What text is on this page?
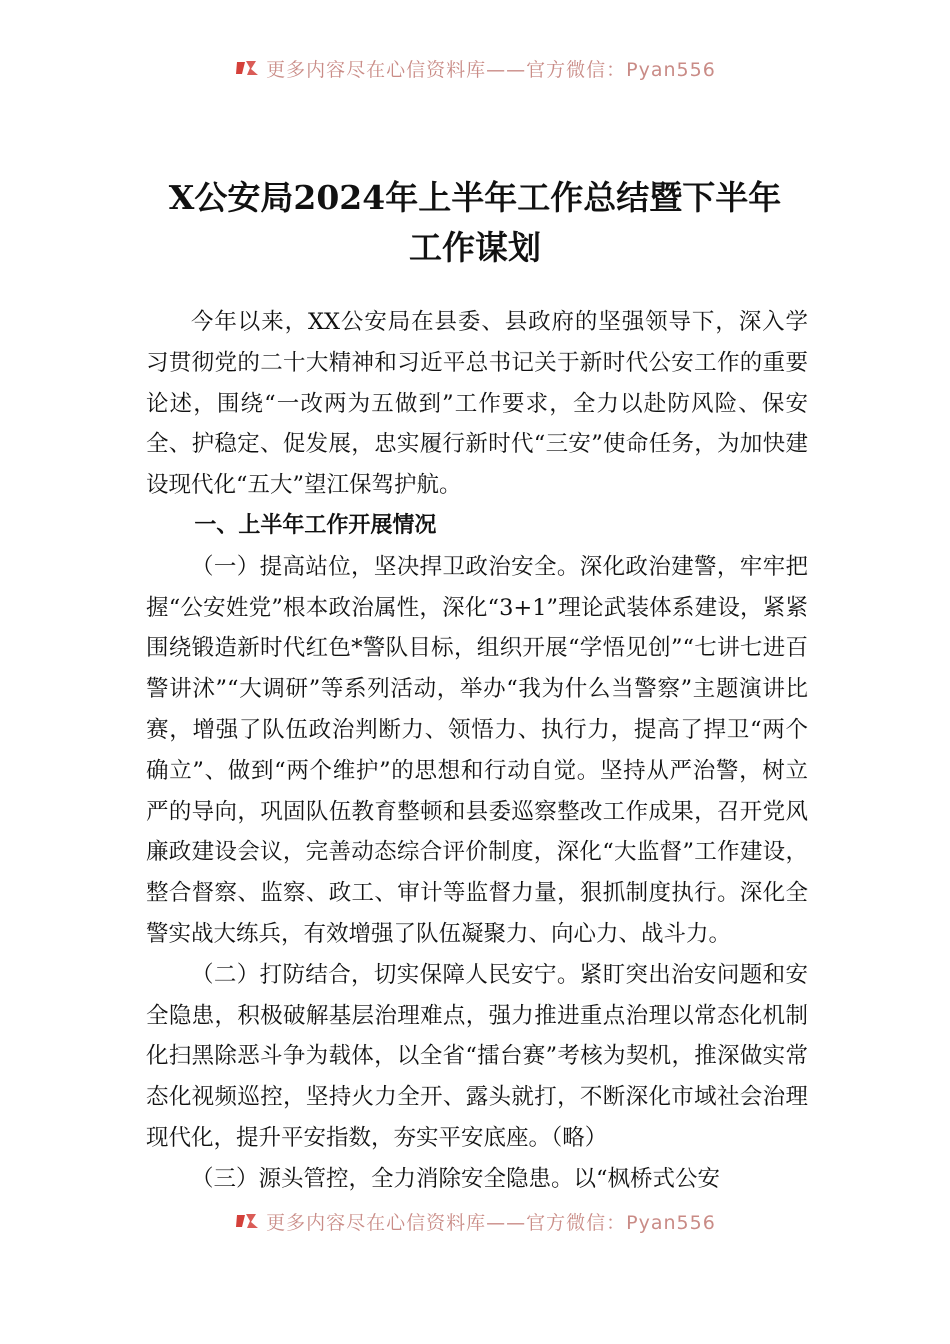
更多内容尽在心信资料库——官方微信：Pyan556
X公安局2024年上半年工作总结暨下半年
工作谋划

今年以来，XX公安局在县委、县政府的坚强领导下，深入学习贯彻党的二十大精神和习近平总书记关于新时代公安工作的重要论述，围绕“一改两为五做到”工作要求，全力以赴防风险、保安全、护稳定、促发展，忠实履行新时代“三安”使命任务，为加快建设现代化“五大”望江保驾护航。

一、上半年工作开展情况

（一）提高站位，坚决捍卫政治安全。深化政治建警，牢牢把握“公安姓党”根本政治属性，深化“3+1”理论武装体系建设，紧紧围绕锻造新时代红色*警队目标，组织开展“学悟见创”“七讲七进百警讲沭”“大调研”等系列活动，举办“我为什么当警察”主题演讲比赛，增强了队伍政治判断力、领悟力、执行力，提高了捍卫“两个确立”、做到“两个维护”的思想和行动自觉。坚持从严治警，树立严的导向，巩固队伍教育整顿和县委巡察整改工作成果，召开党风廉政建设会议，完善动态综合评价制度，深化“大监督”工作建设，整合督察、监察、政工、审计等监督力量，狠抓制度执行。深化全警实战大练兵，有效增强了队伍凝聚力、向心力、战斗力。

（二）打防结合，切实保障人民安宁。紧盯突出治安问题和安全隐患，积极破解基层治理难点，强力推进重点治理以常态化机制化扫黑除恶斗争为载体，以全省“擂台赛”考核为契机，推深做实常态化视频巡控，坚持火力全开、露头就打，不断深化市域社会治理现代化，提升平安指数，夯实平安底座。（略）

（三）源头管控，全力消除安全隐患。以“枫桥式公安

更多内容尽在心信资料库——官方微信：Pyan556
